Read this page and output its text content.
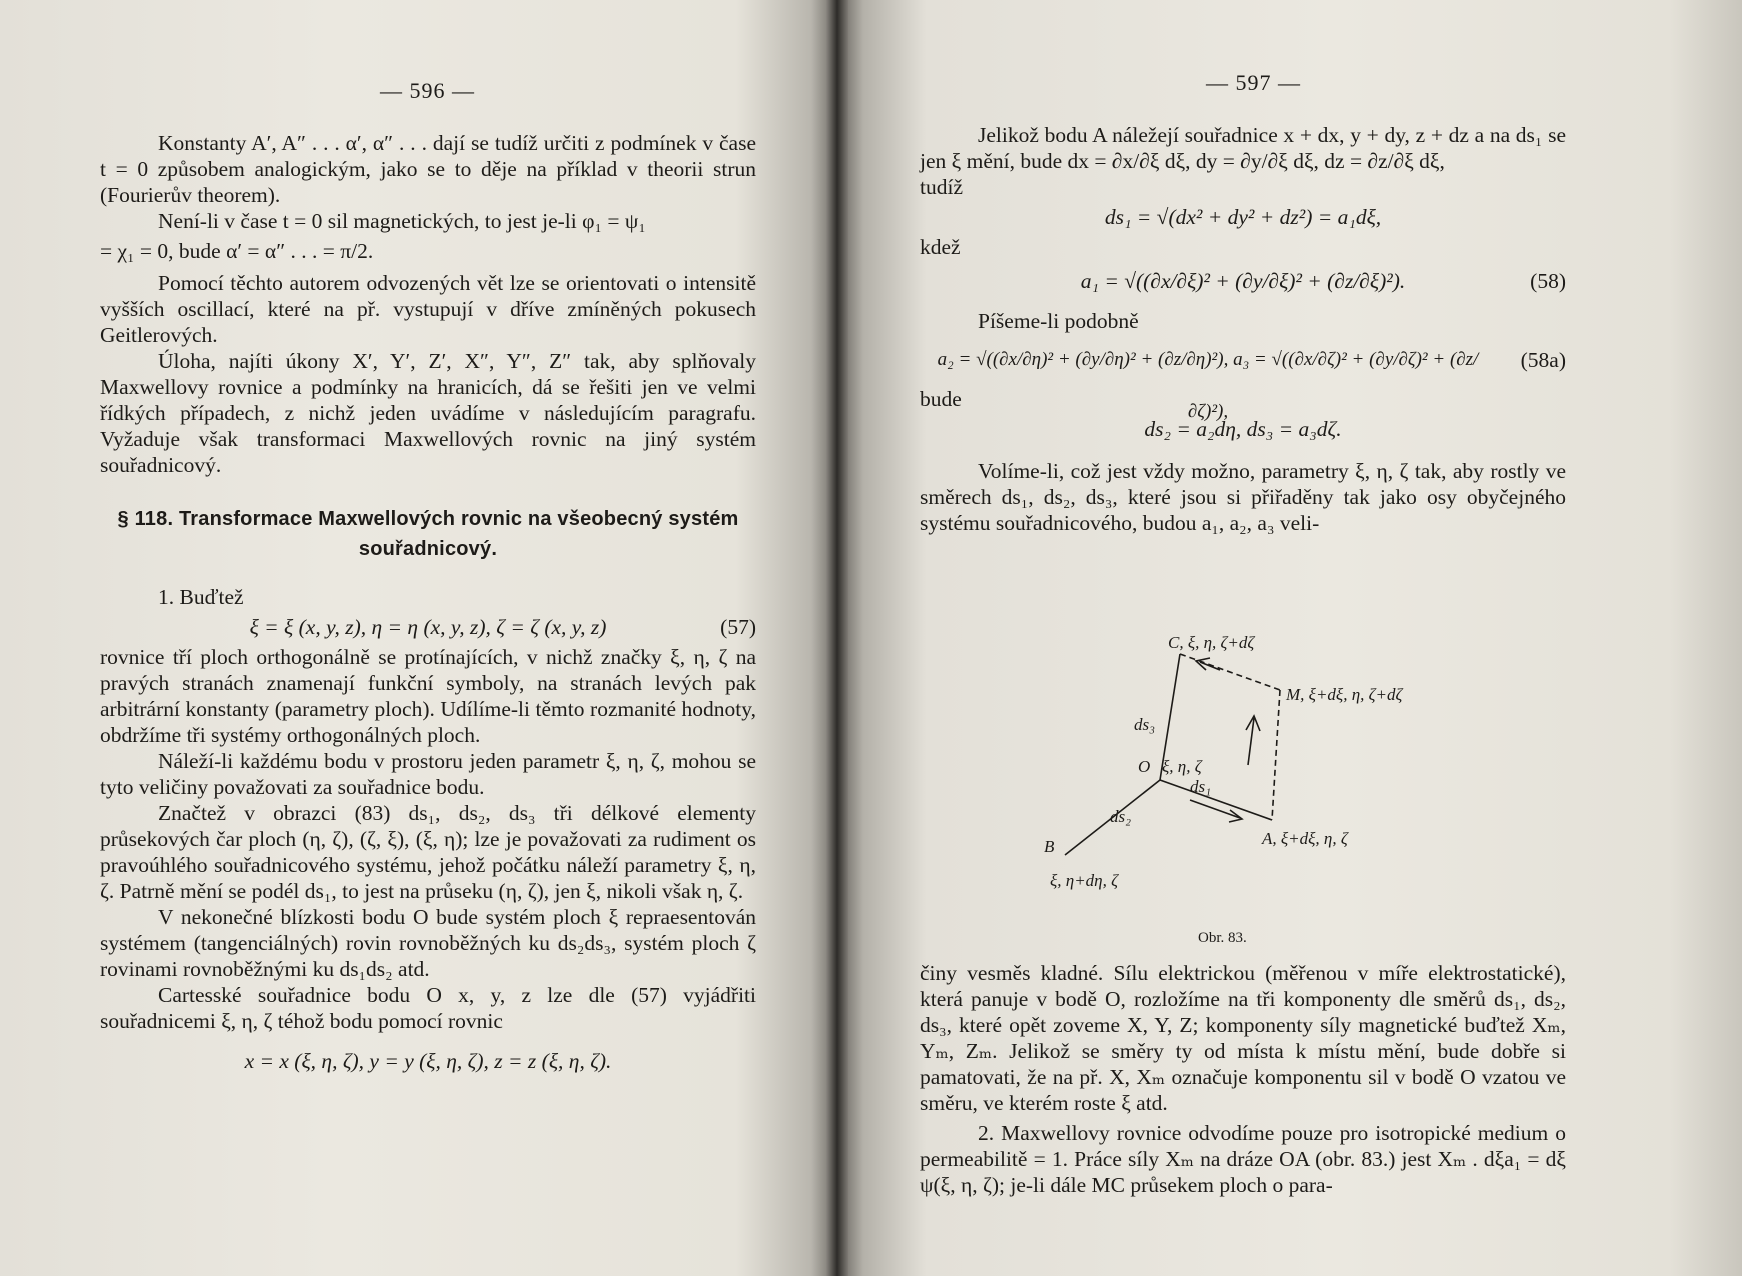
— 596 —

Konstanty A′, A″ . . . α′, α″ . . . dají se tudíž určiti z podmínek v čase t = 0 způsobem analogickým, jako se to děje na příklad v theorii strun (Fourierův theorem).

Není-li v čase t = 0 sil magnetických, to jest je-li φ₁ = ψ₁

= χ₁ = 0, bude α′ = α″ . . . = π/2.

Pomocí těchto autorem odvozených vět lze se orientovati o intensitě vyšších oscillací, které na př. vystupují v dříve zmíněných pokusech Geitlerových.

Úloha, najíti úkony X′, Y′, Z′, X″, Y″, Z″ tak, aby splňovaly Maxwellovy rovnice a podmínky na hranicích, dá se řešiti jen ve velmi řídkých případech, z nichž jeden uvádíme v následujícím paragrafu. Vyžaduje však transformaci Maxwellových rovnic na jiný systém souřadnicový.

§ 118. Transformace Maxwellových rovnic na všeobecný systém souřadnicový.

1. Buďtež

ξ = ξ (x, y, z), η = η (x, y, z), ζ = ζ (x, y, z)	(57)

rovnice tří ploch orthogonálně se protínajících, v nichž značky ξ, η, ζ na pravých stranách znamenají funkční symboly, na stranách levých pak arbitrární konstanty (parametry ploch). Udílíme-li těmto rozmanité hodnoty, obdržíme tři systémy orthogonálných ploch.

Náleží-li každému bodu v prostoru jeden parametr ξ, η, ζ, mohou se tyto veličiny považovati za souřadnice bodu.

Značtež v obrazci (83) ds₁, ds₂, ds₃ tři délkové elementy průsekových čar ploch (η, ζ), (ζ, ξ), (ξ, η); lze je považovati za rudiment os pravoúhlého souřadnicového systému, jehož počátku náleží parametry ξ, η, ζ. Patrně mění se podél ds₁, to jest na průseku (η, ζ), jen ξ, nikoli však η, ζ.

V nekonečné blízkosti bodu O bude systém ploch ξ repraesentován systémem (tangenciálných) rovin rovnoběžných ku ds₂ds₃, systém ploch ζ rovinami rovnoběžnými ku ds₁ds₂ atd.

Cartesské souřadnice bodu O x, y, z lze dle (57) vyjádřiti souřadnicemi ξ, η, ζ téhož bodu pomocí rovnic

x = x (ξ, η, ζ), y = y (ξ, η, ζ), z = z (ξ, η, ζ).
— 597 —

Jelikož bodu A náležejí souřadnice x + dx, y + dy, z + dz a na ds₁ se jen ξ mění, bude dx = ∂x/∂ξ dξ, dy = ∂y/∂ξ dξ, dz = ∂z/∂ξ dξ,

tudíž
ds₁ = √(dx² + dy² + dz²) = a₁dξ,
kdež
a₁ = √((∂x/∂ξ)² + (∂y/∂ξ)² + (∂z/∂ξ)²).	(58)

Píšeme-li podobně

a₂ = √((∂x/∂η)² + (∂y/∂η)² + (∂z/∂η)²), a₃ = √((∂x/∂ζ)² + (∂y/∂ζ)² + (∂z/∂ζ)²),
(58a)
bude
ds₂ = a₂dη, ds₃ = a₃dζ.

Volíme-li, což jest vždy možno, parametry ξ, η, ζ tak, aby rostly ve směrech ds₁, ds₂, ds₃, které jsou si přiřaděny tak jako osy obyčejného systému souřadnicového, budou a₁, a₂, a₃ veli-

C, ξ, η, ζ+dζ
M, ξ+dξ, η, ζ+dζ
ds₃
O ξ, η, ζ
ds₁
ds₂
A, ξ+dξ, η, ζ
B
ξ, η+dη, ζ
Obr. 83.

činy vesměs kladné. Sílu elektrickou (měřenou v míře elektrostatické), která panuje v bodě O, rozložíme na tři komponenty dle směrů ds₁, ds₂, ds₃, které opět zoveme X, Y, Z; komponenty síly magnetické buďtež Xₘ, Yₘ, Zₘ. Jelikož se směry ty od místa k místu mění, bude dobře si pamatovati, že na př. X, Xₘ označuje komponentu sil v bodě O vzatou ve směru, ve kterém roste ξ atd.

2. Maxwellovy rovnice odvodíme pouze pro isotropické medium o permeabilitě = 1. Práce síly Xₘ na dráze OA (obr. 83.) jest Xₘ . dξa₁ = dξ ψ(ξ, η, ζ); je-li dále MC průsekem ploch o para-
